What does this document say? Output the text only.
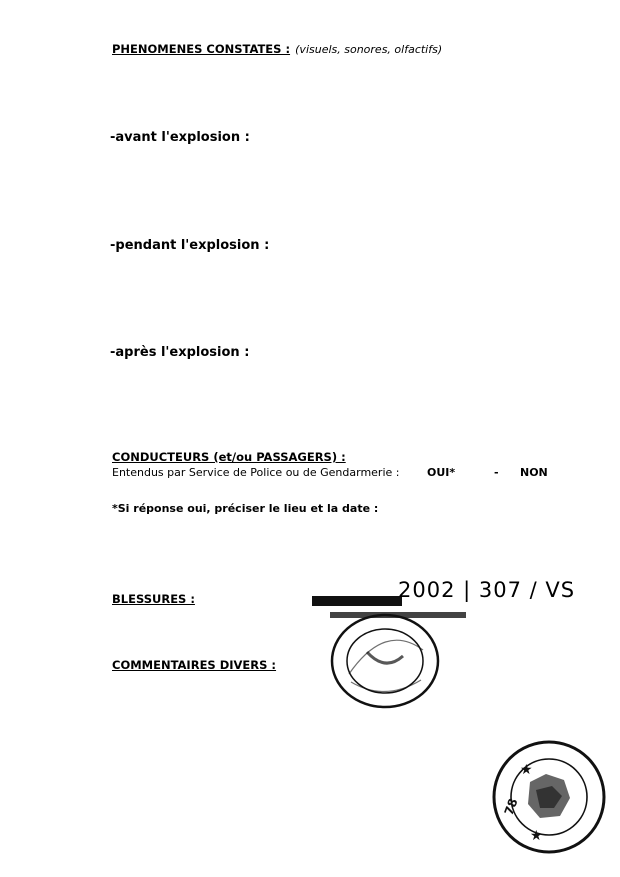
PHENOMENES CONSTATES : (visuels, sonores, olfactifs)
-avant l'explosion :
-pendant l'explosion :
-après l'explosion :
CONDUCTEURS (et/ou PASSAGERS) :
Entendus par Service de Police ou de Gendarmerie :	OUI*	- NON
*Si réponse oui, préciser le lieu et la date :
BLESSURES :
COMMENTAIRES DIVERS :
2002 | 307 / VS
★
★
78
